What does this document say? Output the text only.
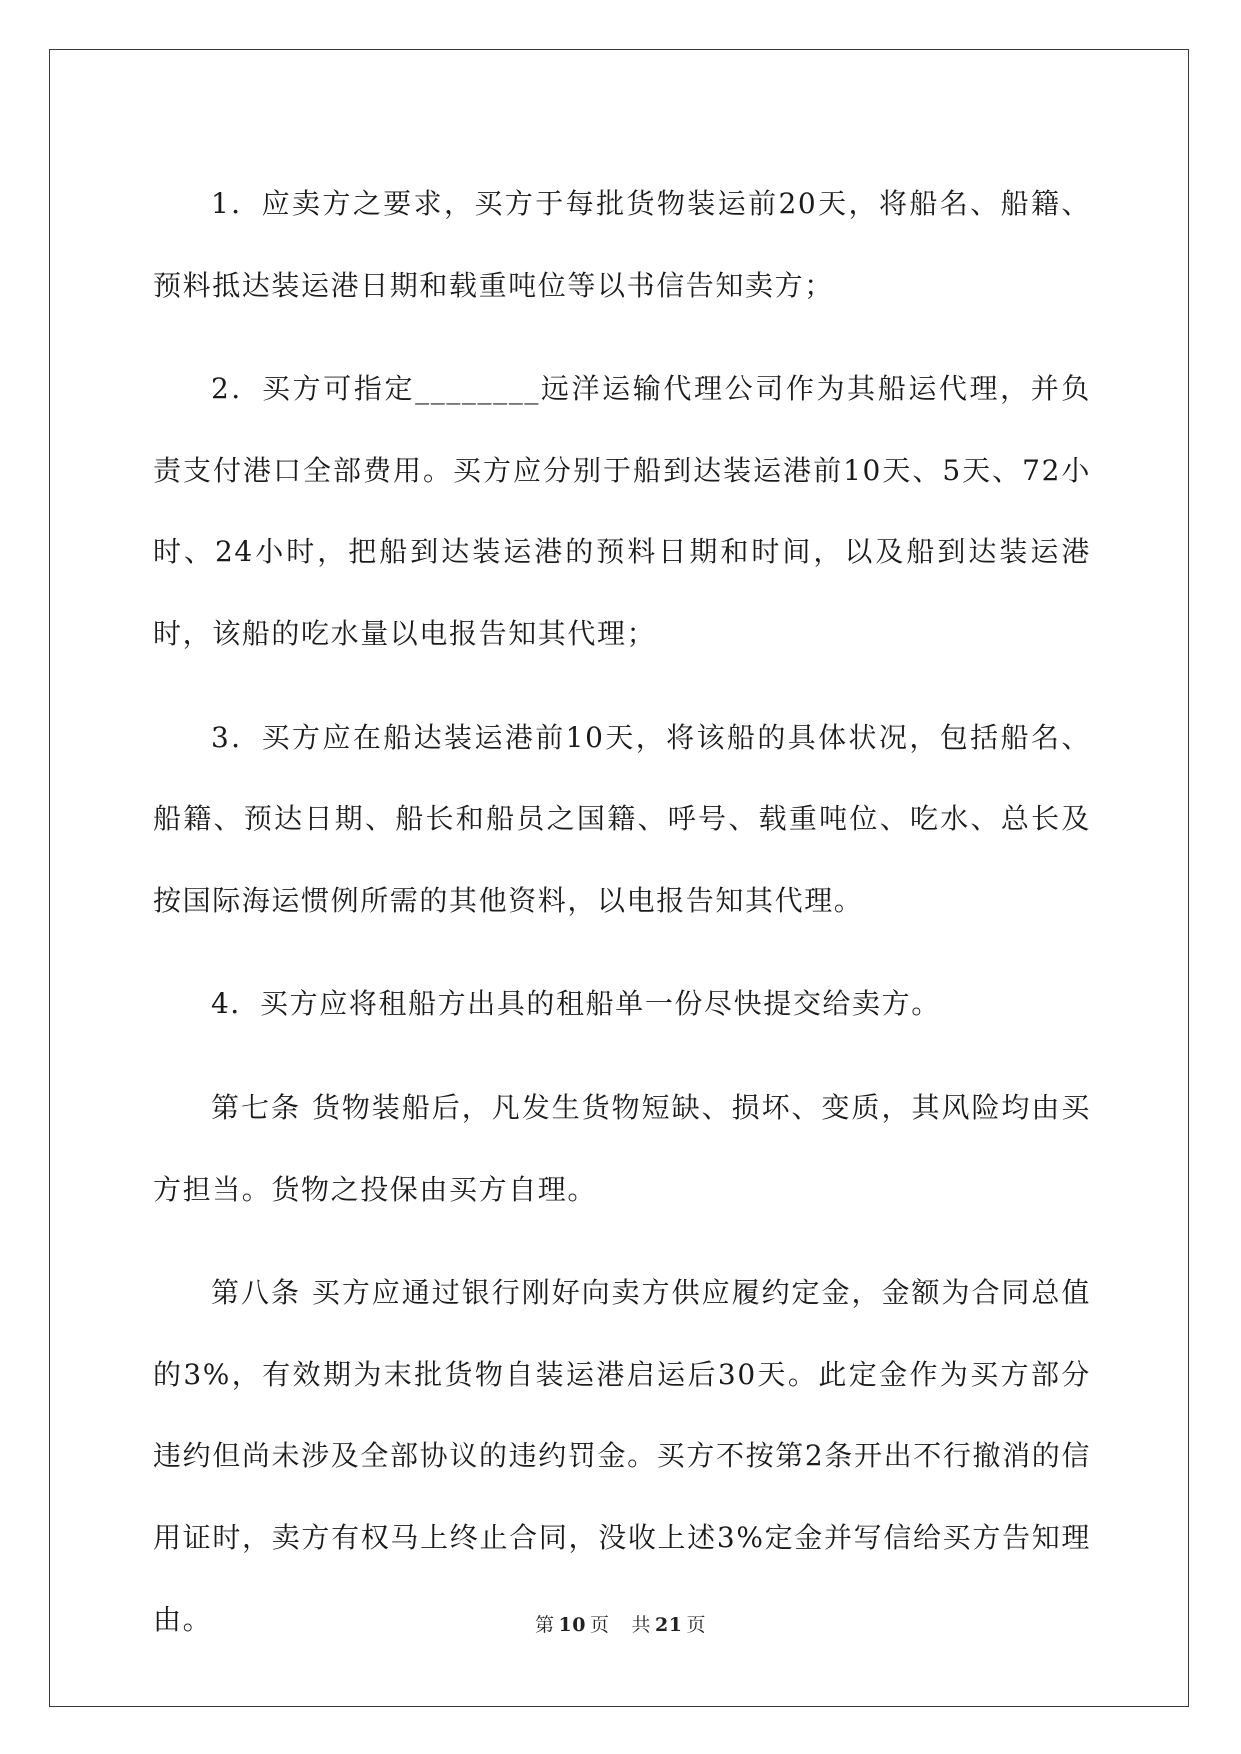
1．应卖方之要求，买方于每批货物装运前20天，将船名、船籍、预料抵达装运港日期和载重吨位等以书信告知卖方；

2．买方可指定________远洋运输代理公司作为其船运代理，并负责支付港口全部费用。买方应分别于船到达装运港前10天、5天、72小时、24小时，把船到达装运港的预料日期和时间，以及船到达装运港时，该船的吃水量以电报告知其代理；

3．买方应在船达装运港前10天，将该船的具体状况，包括船名、船籍、预达日期、船长和船员之国籍、呼号、载重吨位、吃水、总长及按国际海运惯例所需的其他资料，以电报告知其代理。

4．买方应将租船方出具的租船单一份尽快提交给卖方。

第七条 货物装船后，凡发生货物短缺、损坏、变质，其风险均由买方担当。货物之投保由买方自理。

第八条 买方应通过银行刚好向卖方供应履约定金，金额为合同总值的3%，有效期为末批货物自装运港启运后30天。此定金作为买方部分违约但尚未涉及全部协议的违约罚金。买方不按第2条开出不行撤消的信用证时，卖方有权马上终止合同，没收上述3%定金并写信给买方告知理由。	第 10 页 共 21 页
